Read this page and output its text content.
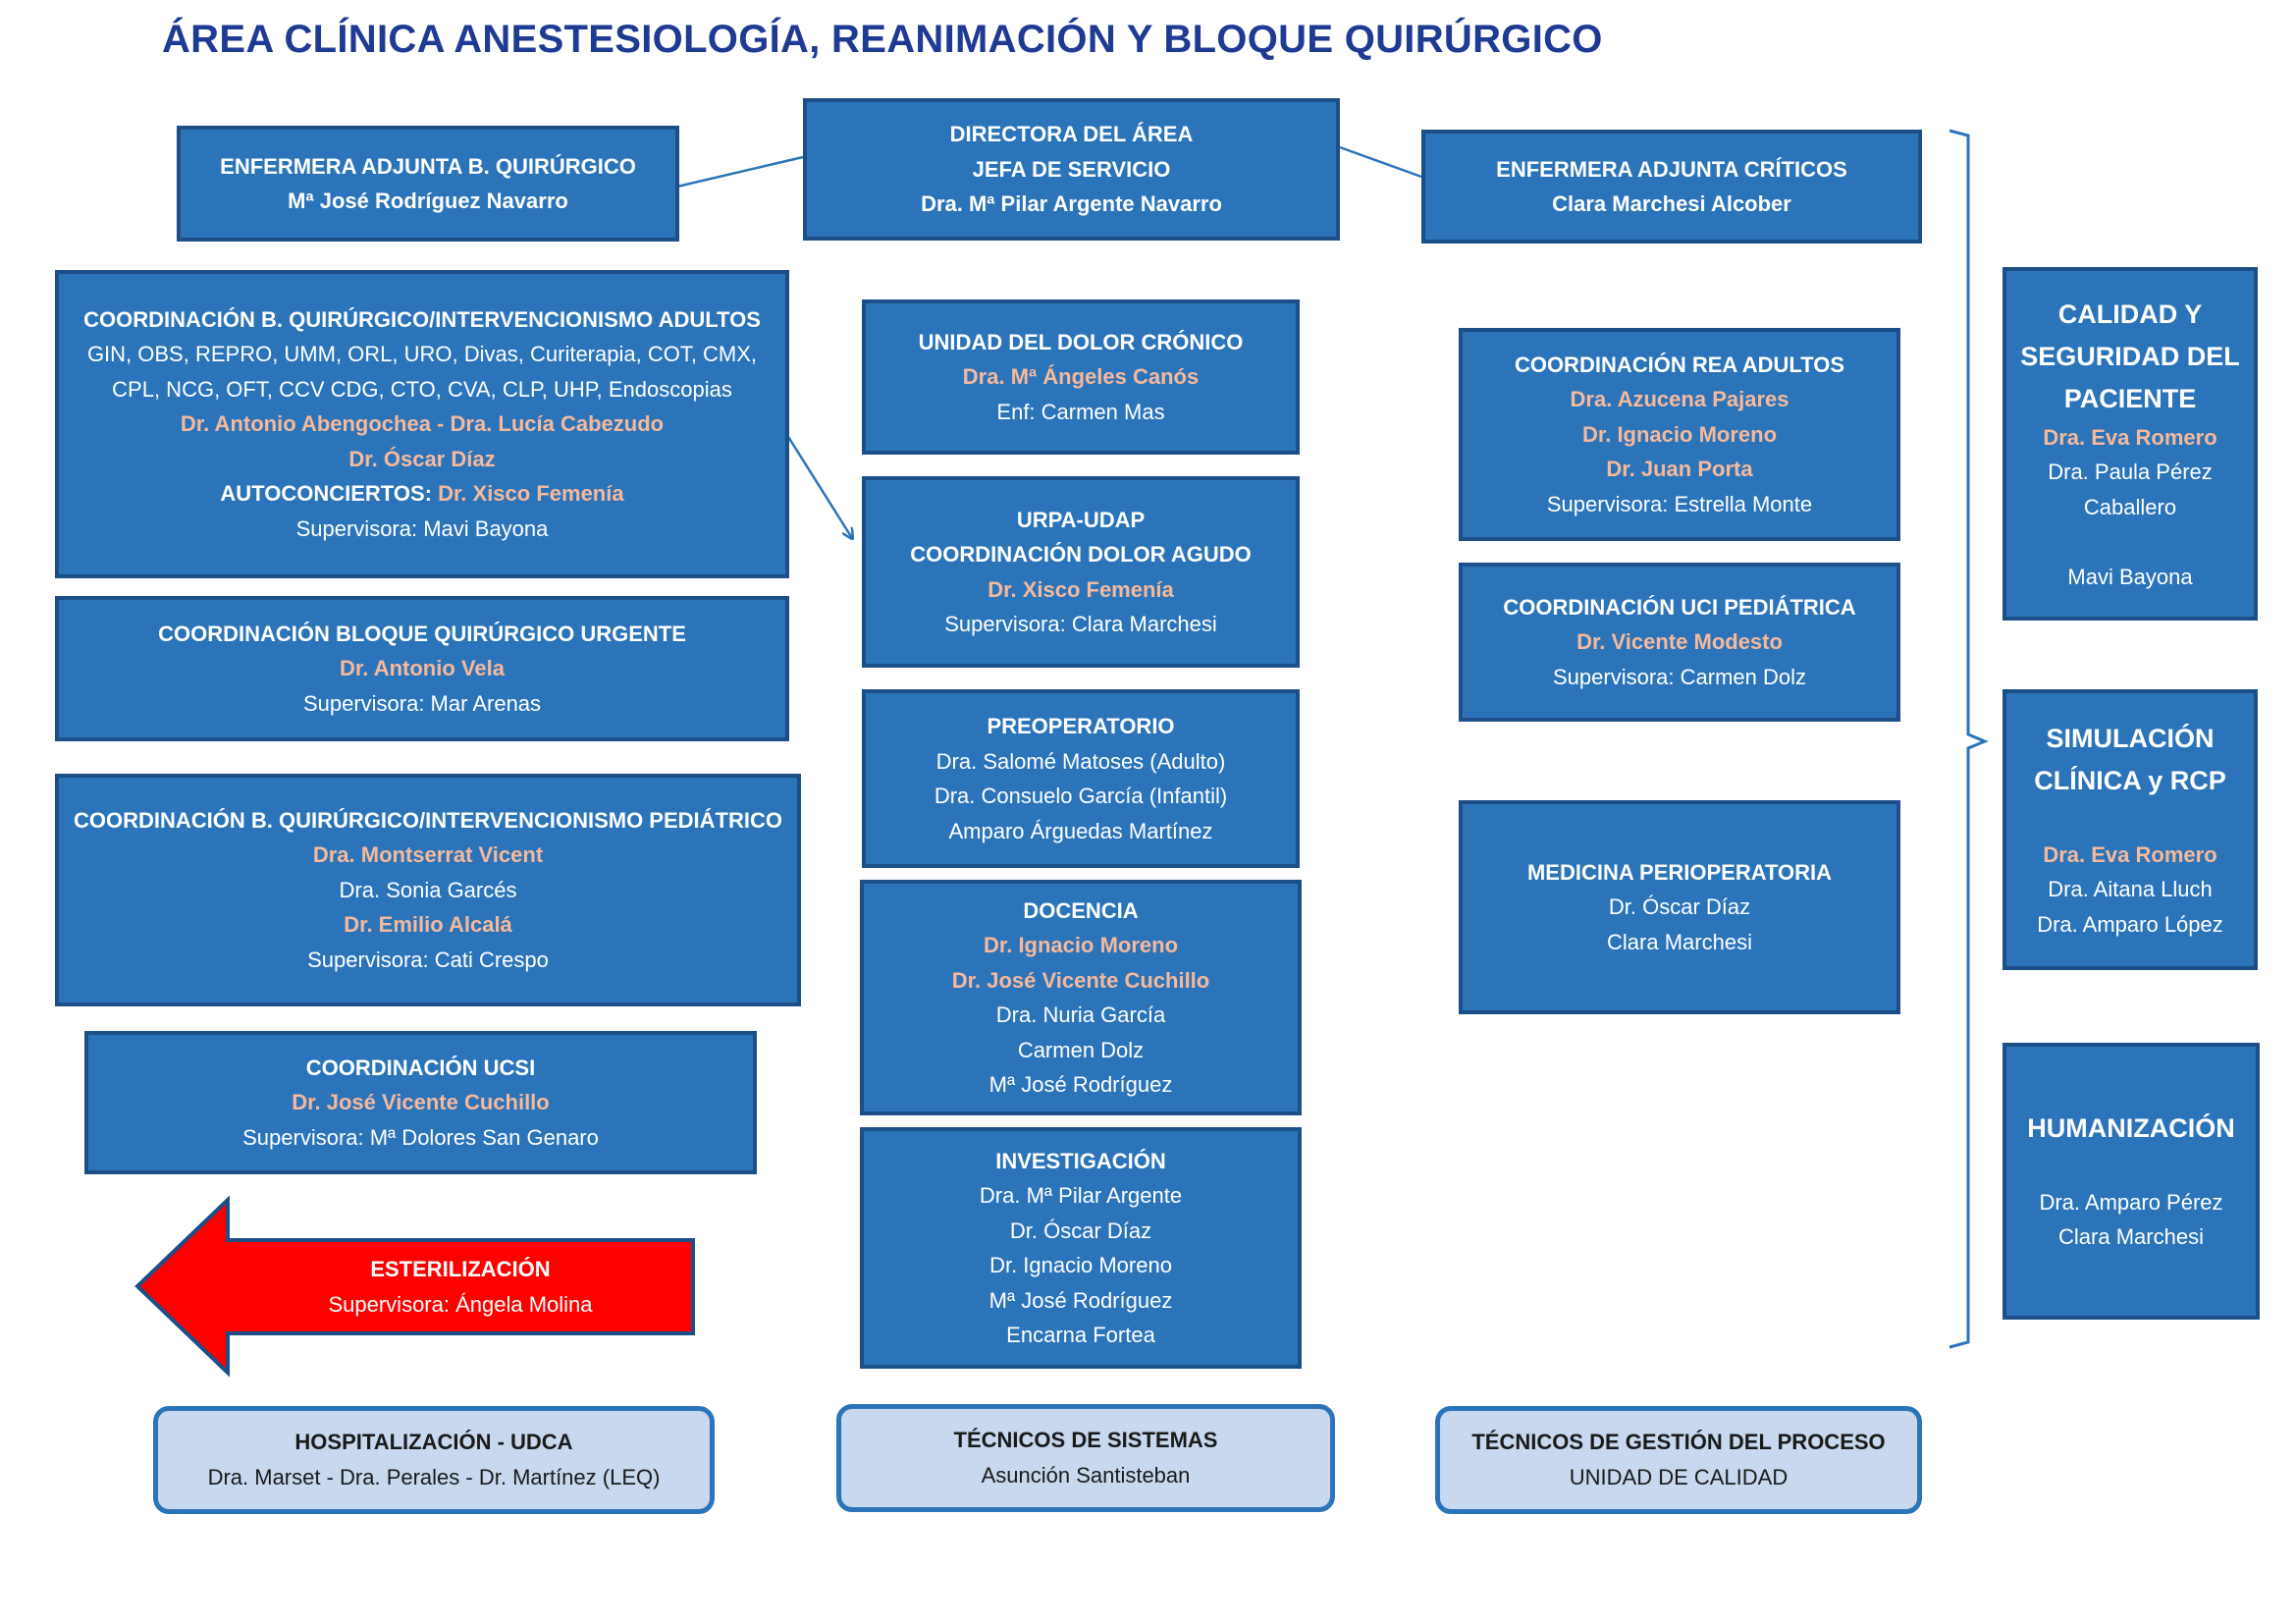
ÁREA CLÍNICA ANESTESIOLOGÍA, REANIMACIÓN Y BLOQUE QUIRÚRGICO
ENFERMERA ADJUNTA B. QUIRÚRGICO
Mª José Rodríguez Navarro
DIRECTORA DEL ÁREA
JEFA DE SERVICIO
Dra. Mª Pilar Argente Navarro
ENFERMERA ADJUNTA CRÍTICOS
Clara Marchesi Alcober
COORDINACIÓN B. QUIRÚRGICO/INTERVENCIONISMO ADULTOS
GIN, OBS, REPRO, UMM, ORL, URO, Divas, Curiterapia, COT, CMX,
CPL, NCG, OFT, CCV CDG, CTO, CVA, CLP, UHP, Endoscopias
Dr. Antonio Abengochea - Dra. Lucía Cabezudo
Dr. Óscar Díaz
AUTOCONCIERTOS: Dr. Xisco Femenía
Supervisora: Mavi Bayona
COORDINACIÓN BLOQUE QUIRÚRGICO URGENTE
Dr. Antonio Vela
Supervisora: Mar Arenas
COORDINACIÓN B. QUIRÚRGICO/INTERVENCIONISMO PEDIÁTRICO
Dra. Montserrat Vicent
Dra. Sonia Garcés
Dr. Emilio Alcalá
Supervisora: Cati Crespo
COORDINACIÓN UCSI
Dr. José Vicente Cuchillo
Supervisora: Mª Dolores San Genaro
ESTERILIZACIÓN
Supervisora: Ángela Molina
UNIDAD DEL DOLOR CRÓNICO
Dra. Mª Ángeles Canós
Enf: Carmen Mas
URPA-UDAP
COORDINACIÓN DOLOR AGUDO
Dr. Xisco Femenía
Supervisora: Clara Marchesi
PREOPERATORIO
Dra. Salomé Matoses (Adulto)
Dra. Consuelo García (Infantil)
Amparo Árguedas Martínez
DOCENCIA
Dr. Ignacio Moreno
Dr. José Vicente Cuchillo
Dra. Nuria García
Carmen Dolz
Mª José Rodríguez
INVESTIGACIÓN
Dra. Mª Pilar Argente
Dr. Óscar Díaz
Dr. Ignacio Moreno
Mª José Rodríguez
Encarna Fortea
COORDINACIÓN REA ADULTOS
Dra. Azucena Pajares
Dr. Ignacio Moreno
Dr. Juan Porta
Supervisora: Estrella Monte
COORDINACIÓN UCI PEDIÁTRICA
Dr. Vicente Modesto
Supervisora: Carmen Dolz
MEDICINA PERIOPERATORIA
Dr. Óscar Díaz
Clara Marchesi
CALIDAD Y
SEGURIDAD DEL
PACIENTE
Dra. Eva Romero
Dra. Paula Pérez
Caballero

Mavi Bayona
SIMULACIÓN
CLÍNICA y RCP

Dra. Eva Romero
Dra. Aitana Lluch
Dra. Amparo López
HUMANIZACIÓN

Dra. Amparo Pérez
Clara Marchesi
HOSPITALIZACIÓN - UDCA
Dra. Marset - Dra. Perales - Dr. Martínez (LEQ)
TÉCNICOS DE SISTEMAS
Asunción Santisteban
TÉCNICOS DE GESTIÓN DEL PROCESO
UNIDAD DE CALIDAD
